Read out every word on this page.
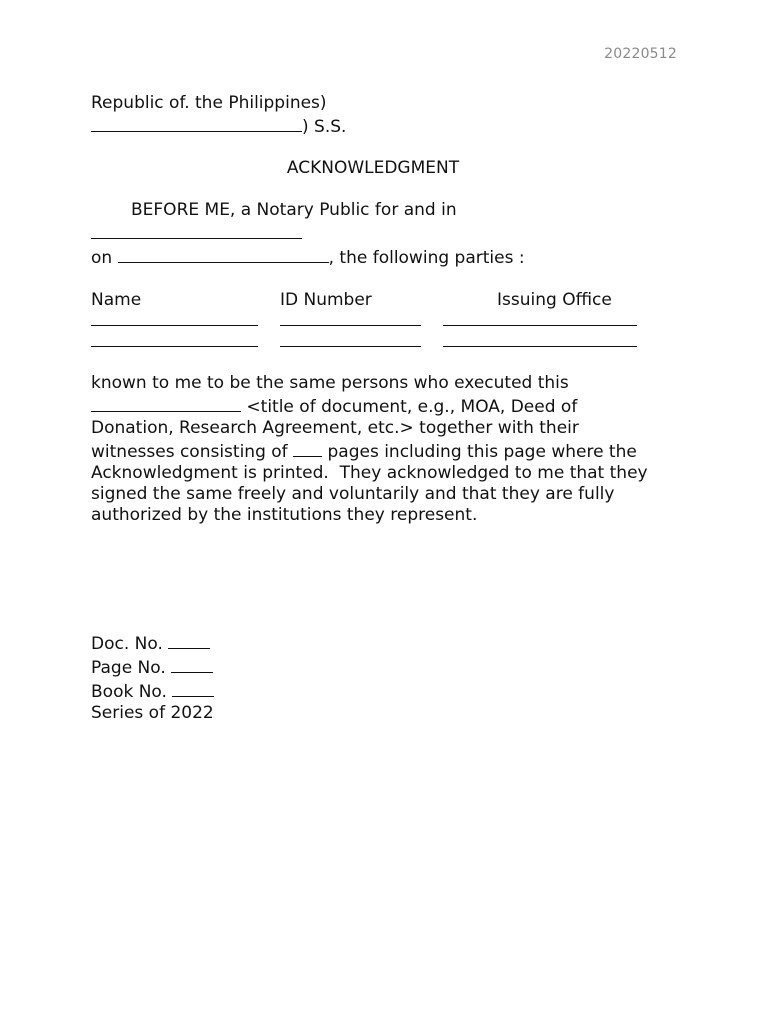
20220512
Republic of. the Philippines)
) S.S.
ACKNOWLEDGMENT
BEFORE ME, a Notary Public for and in
on	, the following parties :
Name	ID Number	Issuing Office
known to me to be the same persons who executed this
<title of document, e.g., MOA, Deed of
Donation, Research Agreement, etc.> together with their
witnesses consisting of  pages including this page where the
Acknowledgment is printed.  They acknowledged to me that they
signed the same freely and voluntarily and that they are fully
authorized by the institutions they represent.
Doc. No.
Page No.
Book No.
Series of 2022
